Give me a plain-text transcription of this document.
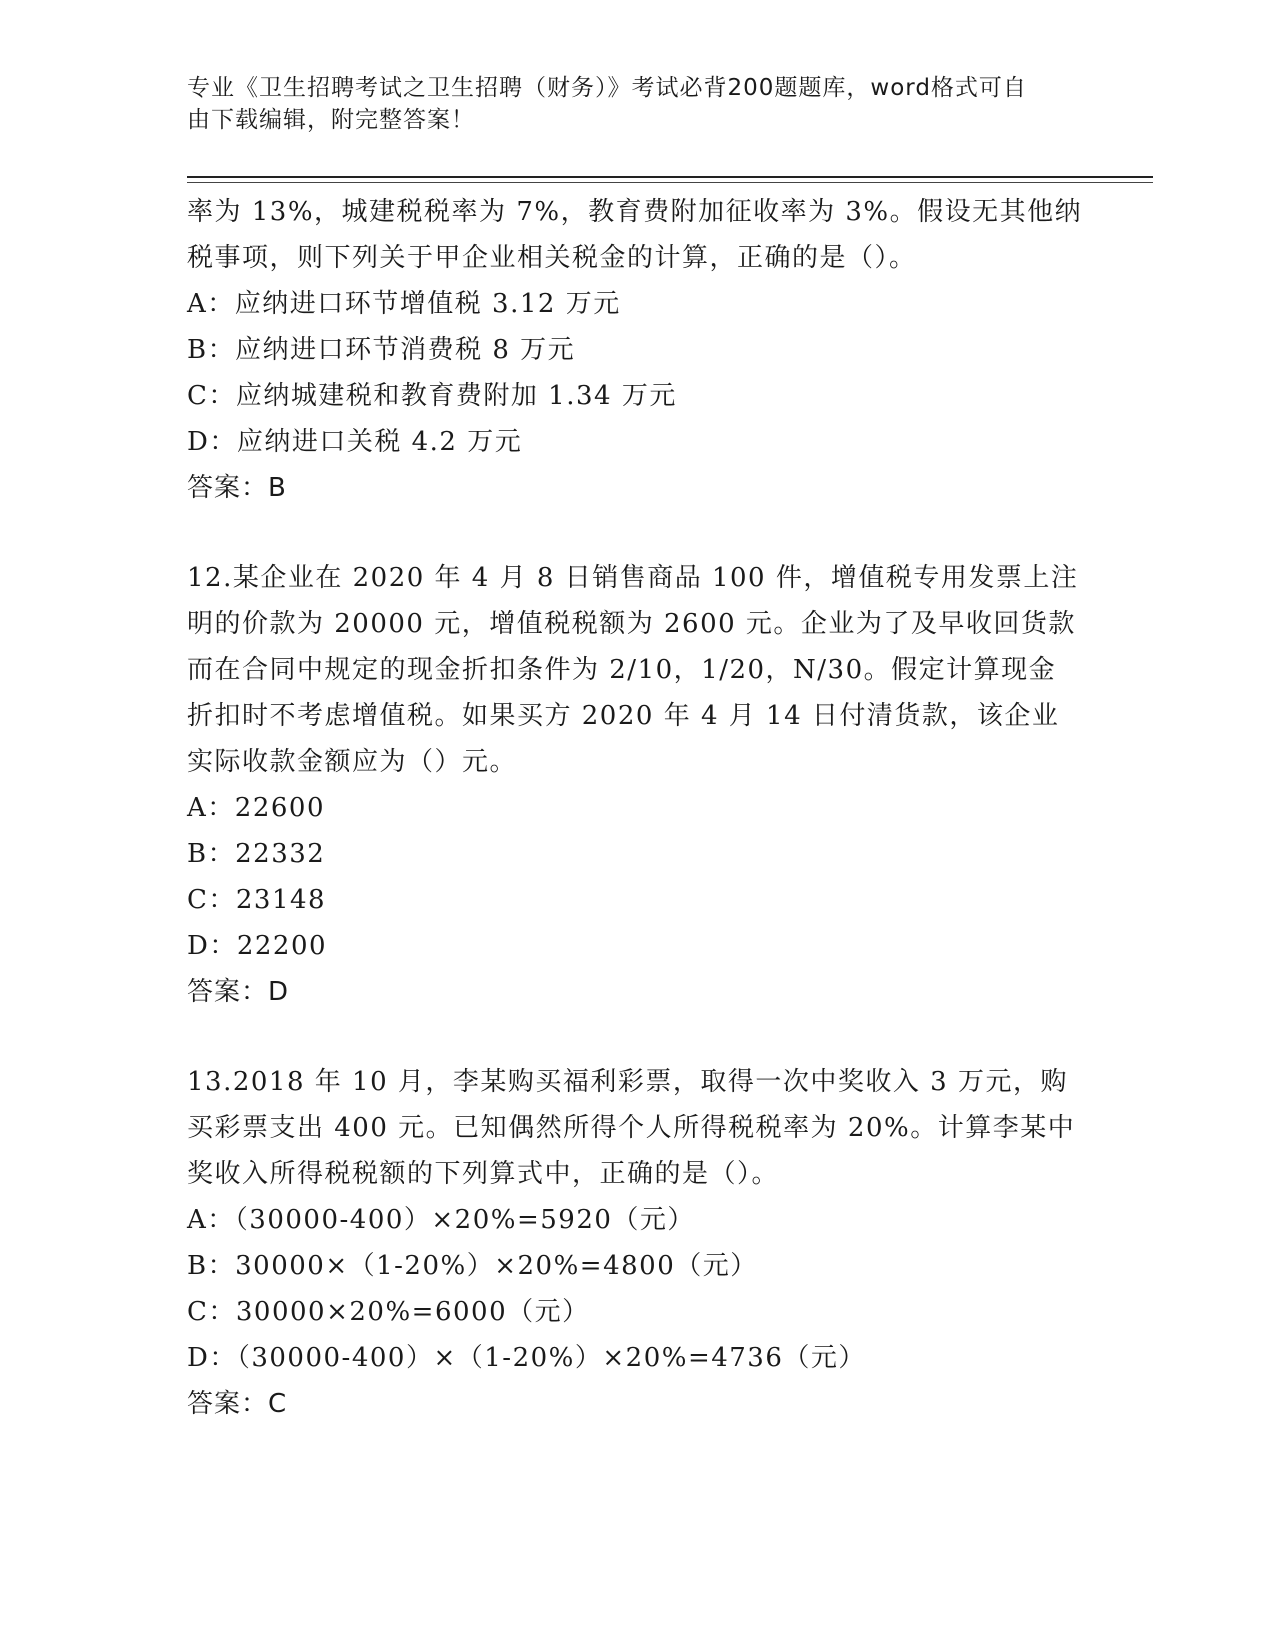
专业《卫生招聘考试之卫生招聘（财务）》考试必背200题题库，word格式可自
由下载编辑，附完整答案！
率为 13%，城建税税率为 7%，教育费附加征收率为 3%。假设无其他纳
税事项，则下列关于甲企业相关税金的计算，正确的是（）。
A：应纳进口环节增值税 3.12 万元
B：应纳进口环节消费税 8 万元
C：应纳城建税和教育费附加 1.34 万元
D：应纳进口关税 4.2 万元
答案：B
12.某企业在 2020 年 4 月 8 日销售商品 100 件，增值税专用发票上注
明的价款为 20000 元，增值税税额为 2600 元。企业为了及早收回货款
而在合同中规定的现金折扣条件为 2/10，1/20，N/30。假定计算现金
折扣时不考虑增值税。如果买方 2020 年 4 月 14 日付清货款，该企业
实际收款金额应为（）元。
A：22600
B：22332
C：23148
D：22200
答案：D
13.2018 年 10 月，李某购买福利彩票，取得一次中奖收入 3 万元，购
买彩票支出 400 元。已知偶然所得个人所得税税率为 20%。计算李某中
奖收入所得税税额的下列算式中，正确的是（）。
A：（30000-400）×20%=5920（元）
B：30000×（1-20%）×20%=4800（元）
C：30000×20%=6000（元）
D：（30000-400）×（1-20%）×20%=4736（元）
答案：C
